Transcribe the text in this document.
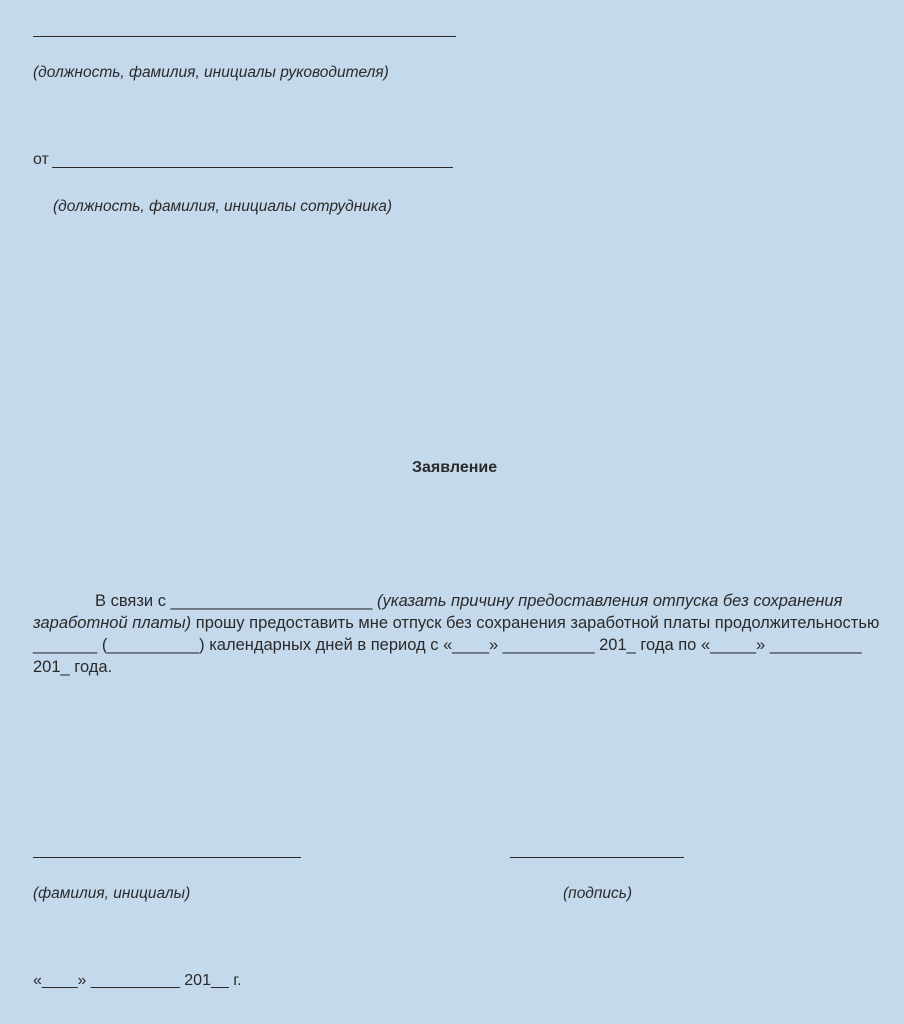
(должность, фамилия, инициалы руководителя)
от
(должность, фамилия, инициалы сотрудника)
Заявление

В связи с ______________________ (указать причину предоставления отпуска без сохранения заработной платы) прошу предоставить мне отпуск без сохранения заработной платы продолжительностью _______ (__________) календарных дней в период с «____» __________ 201_ года по «_____» __________ 201_ года.

(фамилия, инициалы)	(подпись)
«____» __________ 201__ г.
